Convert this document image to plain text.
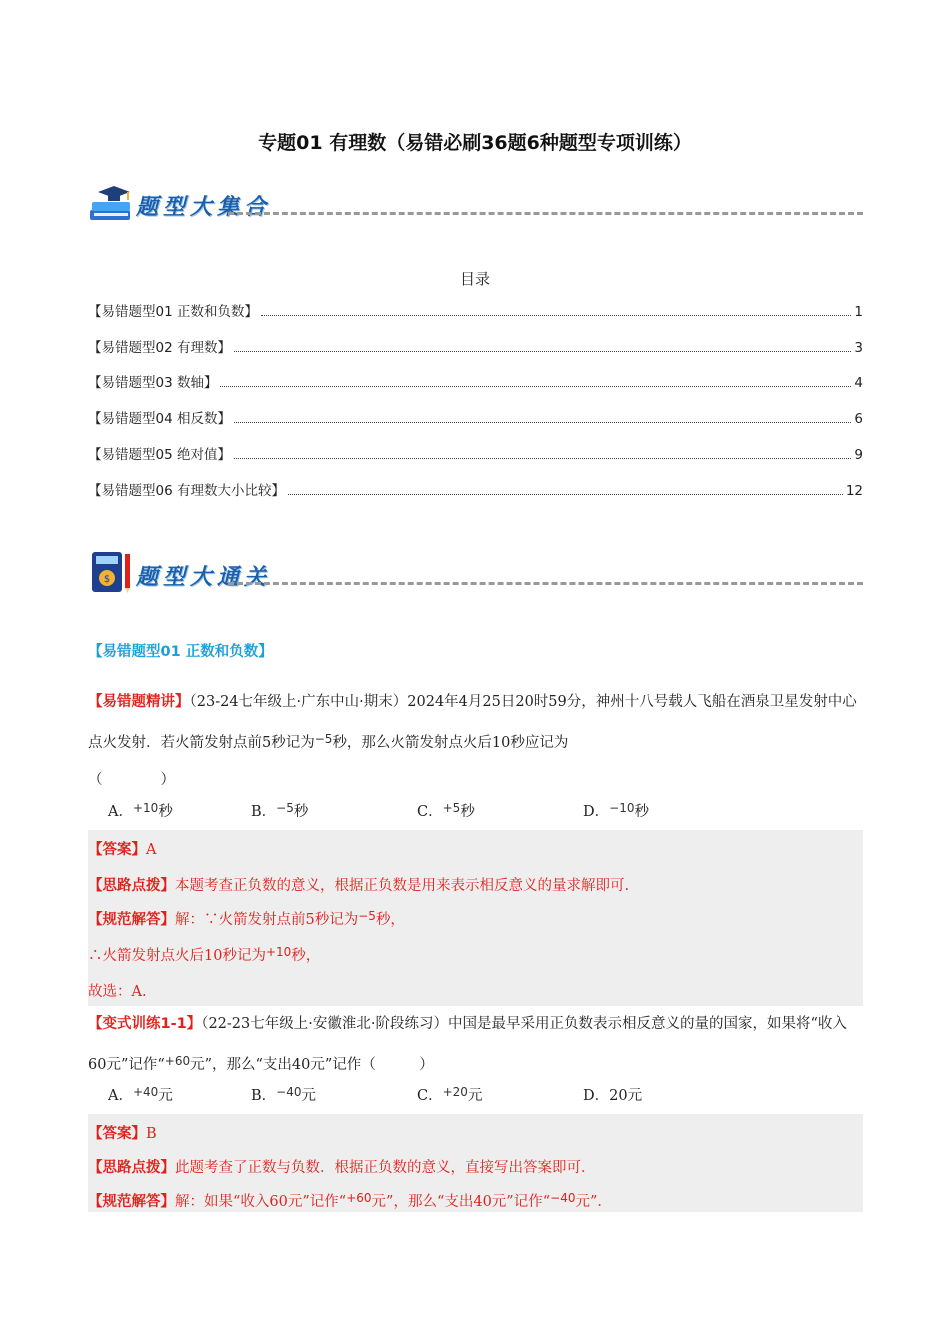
专题01 有理数（易错必刷36题6种题型专项训练）
题型大集合
目录
【易错题型01 正数和负数】	1
【易错题型02 有理数】	3
【易错题型03 数轴】	4
【易错题型04 相反数】	6
【易错题型05 绝对值】	9
【易错题型06 有理数大小比较】	12
$ 题型大通关
【易错题型01 正数和负数】
【易错题精讲】（23-24七年级上·广东中山·期末）2024年4月25日20时59分，神州十八号载人飞船在酒泉卫星发射中心点火发射．若火箭发射点前5秒记为$^{-5}$秒，那么火箭发射点火后10秒应记为
（　　　　）
A．$^{+10}$秒	B．$^{-5}$秒	C．$^{+5}$秒	D．$^{-10}$秒
【答案】A
【思路点拨】本题考查正负数的意义，根据正负数是用来表示相反意义的量求解即可.
【规范解答】解：∵火箭发射点前5秒记为$^{-5}$秒，
∴火箭发射点火后10秒记为$^{+10}$秒，
故选：A.
【变式训练1-1】（22-23七年级上·安徽淮北·阶段练习）中国是最早采用正负数表示相反意义的量的国家，如果将“收入60元”记作“$^{+60}$元”，那么“支出40元”记作（　　　）
A．$^{+40}$元	B．$^{-40}$元	C．$^{+20}$元	D．20元
【答案】B
【思路点拨】此题考查了正数与负数．根据正负数的意义，直接写出答案即可．
【规范解答】解：如果“收入60元”记作“$^{+60}$元”，那么“支出40元”记作“$^{-40}$元”．
